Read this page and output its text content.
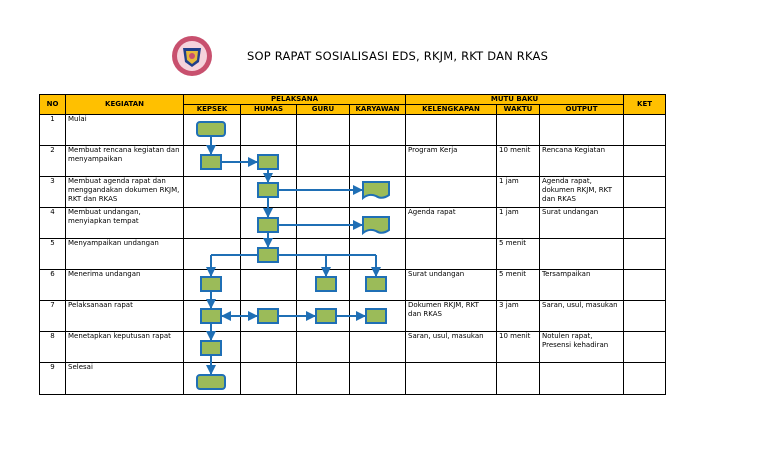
SOP RAPAT SOSIALISASI EDS, RKJM, RKT DAN RKAS
NO	KEGIATAN	PELAKSANA				MUTU BAKU			KET
		KEPSEK	HUMAS	GURU	KARYAWAN	KELENGKAPAN	WAKTU	OUTPUT	
1	Mulai								
2	Membuat rencana kegiatan dan menyampaikan					Program Kerja	10 menit	Rencana Kegiatan	
3	Membuat agenda rapat dan menggandakan dokumen RKJM, RKT dan RKAS						1 jam	Agenda rapat, dokumen RKJM, RKT dan RKAS	
4	Membuat undangan, menyiapkan tempat					Agenda rapat	1 jam	Surat undangan	
5	Menyampaikan undangan						5 menit		
6	Menerima undangan					Surat undangan	5 menit	Tersampaikan	
7	Pelaksanaan rapat					Dokumen RKJM, RKT dan RKAS	3 jam	Saran, usul, masukan	
8	Menetapkan keputusan rapat					Saran, usul, masukan	10 menit	Notulen rapat, Presensi kehadiran	
9	Selesai								
